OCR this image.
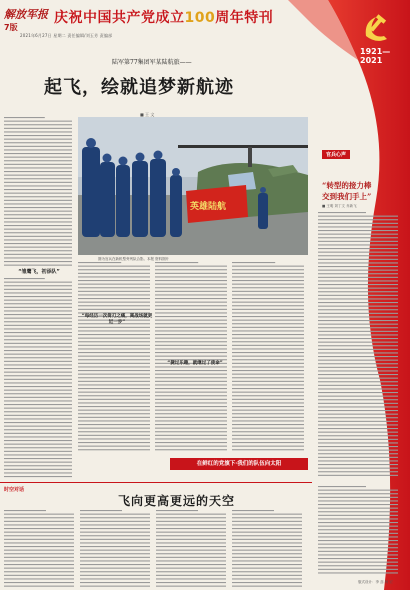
解放军报
7版
2021年6月27日 星期二 责任编辑/刘玉芳 责编部
庆祝中国共产党成立100周年特刊
1921—2021
陆军第77集团军某陆航旅——
起飞，绘就追梦新航迹
■ 王 文

“雏鹰飞，初添队”
英雄陆航
图为官兵在新机型旁列队合影。本报 资料图片
“每经历一次倚刃之痛，离战场就更近一步”
“捷过乐趣，就继过了使命”
官兵心声
“转型的接力棒
交到我们手上”
■ 王明 刘丁文 乔新飞
在鲜红的党旗下·我们的队伍向太阳
时空对话
飞向更高更远的天空
版式设计：李 蕊 杨 宏
